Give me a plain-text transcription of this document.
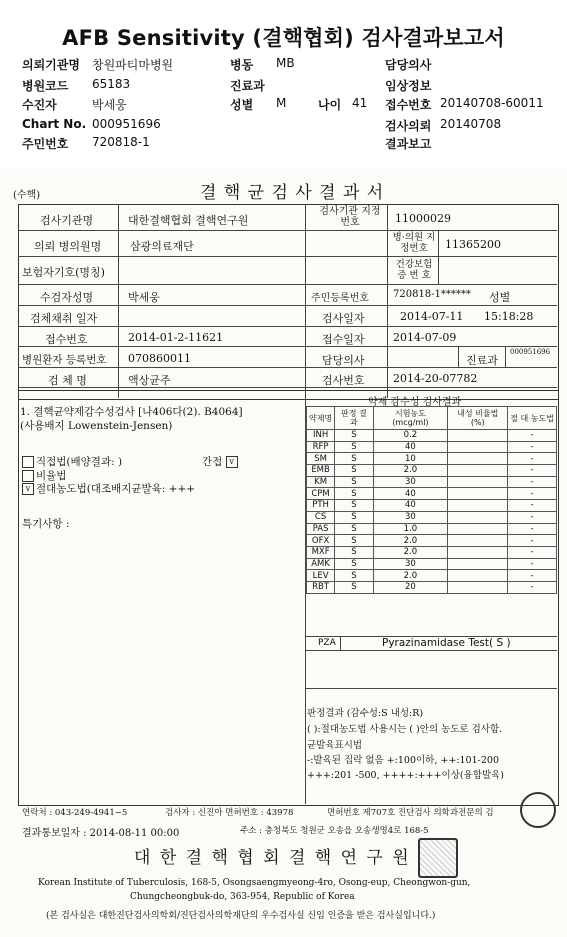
AFB Sensitivity (결핵협회) 검사결과보고서
의뢰기관명 창원파티마병원	병동 MB	담당의사
병원코드 65183	진료과	임상정보
수진자	박세웅	성별 M	나이 41 접수번호 20140708-60011
Chart No. 000951696	검사의뢰 20140708
주민번호 720818-1	결과보고
(수핵)	결 핵 균 검 사 결 과 서
검사기관명	대한결핵협회 결핵연구원
검사기관 지정번호	11000029
의뢰 병의원명	삼광의료재단
병·의원 지정번호	11365200
보험자기호(명칭)
건강보험 증 번 호
수검자성명	박세웅	주민등록번호 720818-1****** 성별
검체채취 일자	검사일자	2014-07-11 15:18:28
접수번호	2014-01-2-11621	접수일자	2014-07-09
병원환자 등록번호 070860011	담당의사	진료과
000951696
검 체 명	액상균주	검사번호	2014-20-07782
1. 결핵균약제감수성검사 [나406다(2). B4064]
(사용배지 Lowenstein-Jensen)
직접법(배양결과: )	간접 v
비율법
v 절대농도법(대조배지균발육: +++
특기사항 :
약제 감수성 검사결과
약제명	판정 결과	시험농도 (mcg/ml)	내성 비율법(%)	절 대 농도법
INH	S	0.2		-
RFP	S	40		-
SM	S	10		-
EMB	S	2.0		-
KM	S	30		-
CPM	S	40		-
PTH	S	40		-
CS	S	30		-
PAS	S	1.0		-
OFX	S	2.0		-
MXF	S	2.0		-
AMK	S	30		-
LEV	S	2.0		-
RBT	S	20		-
PZA	Pyrazinamidase Test( S )
판정결과 (감수성:S 내성:R)
( ):절대농도법 사용시는 ( )안의 농도로 검사함.
균발육표시법
-:발육된 집락 없음 +:100이하, ++:101-200
+++:201 -500, ++++:+++이상(융합발육)
연락처 : 043-249-4941~5	검사자 : 신진아 면허번호 : 43978	면허번호 제707호 진단검사 의학과전문의 김
결과통보일자 : 2014-08-11 00:00	주소 : 충청북도 청원군 오송읍 오송생명4로 168-5
대 한 결 핵 협 회 결 핵 연 구 원
Korean Institute of Tuberculosis, 168-5, Osongsaengmyeong-4ro, Osong-eup, Cheongwon-gun,
Chungcheongbuk-do, 363-954, Republic of Korea
(본 검사실은 대한진단검사의학회/진단검사의학재단의 우수검사실 신임 인증을 받은 검사실입니다.)
